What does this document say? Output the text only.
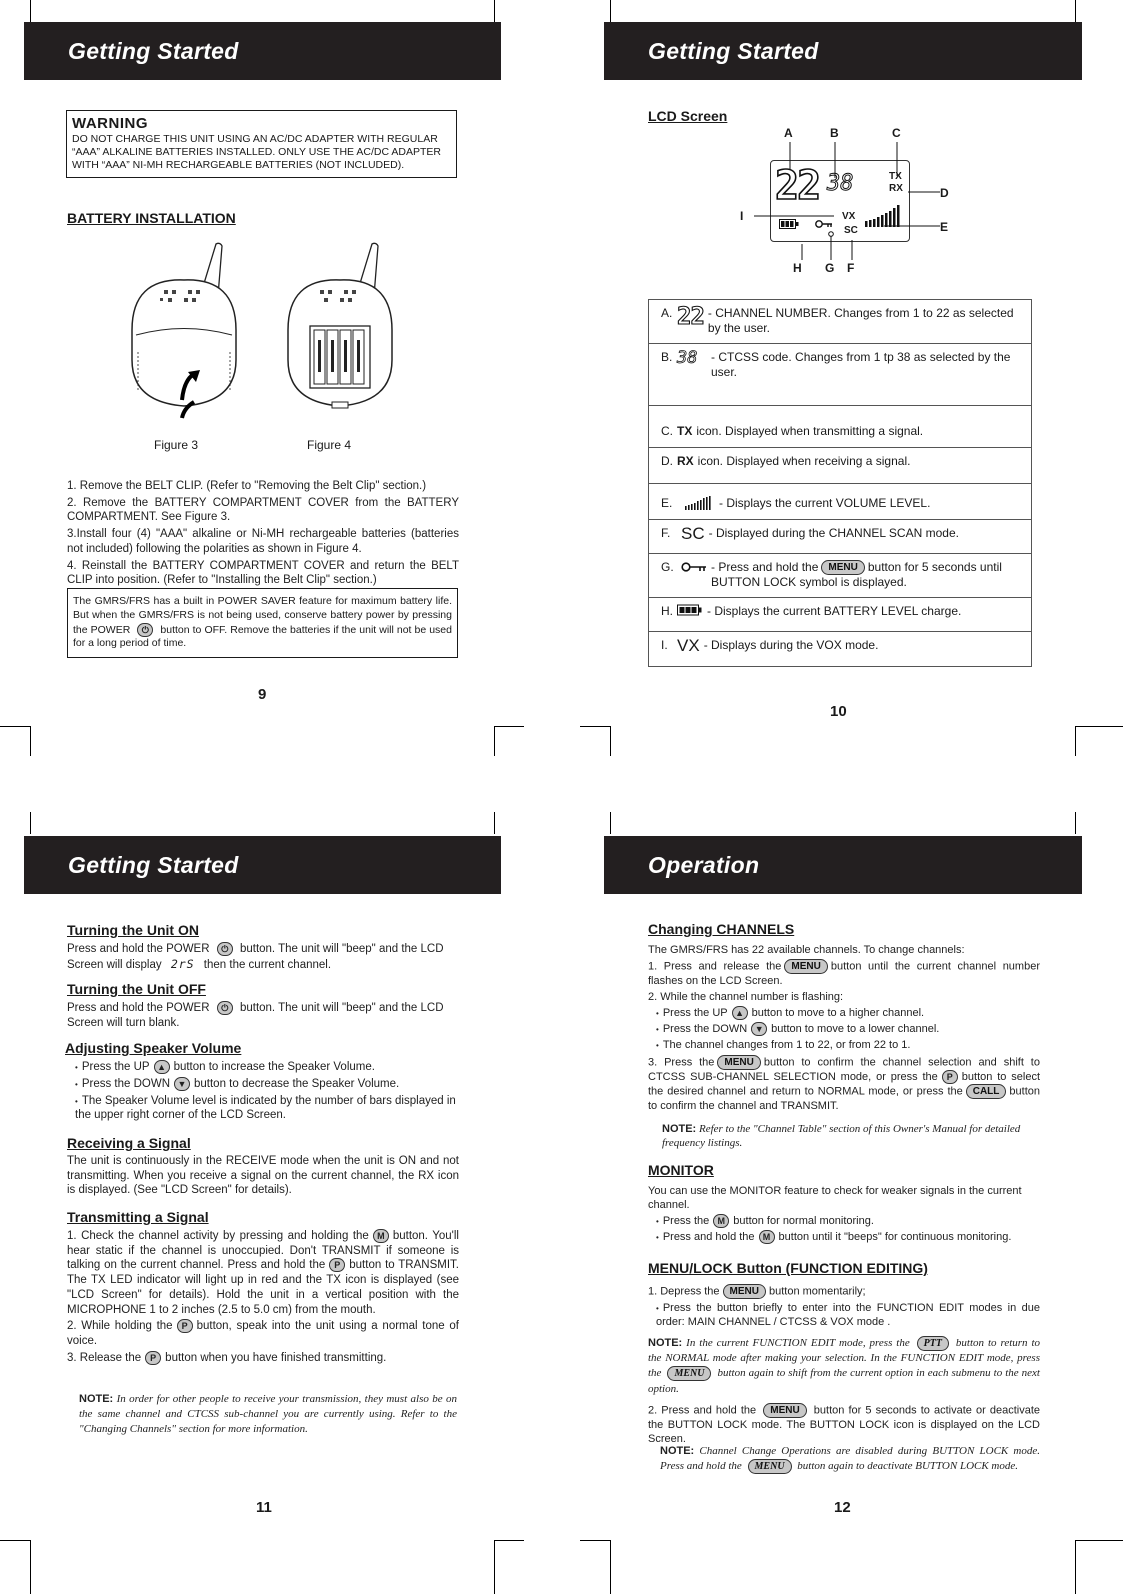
Getting Started
WARNING
DO NOT CHARGE THIS UNIT USING AN AC/DC ADAPTER WITH REGULAR “AAA” ALKALINE BATTERIES INSTALLED. ONLY USE THE AC/DC ADAPTER WITH “AAA” NI-MH RECHARGEABLE BATTERIES (NOT INCLUDED).
BATTERY INSTALLATION
Figure 3	Figure 4

1. Remove the BELT CLIP. (Refer to "Removing the Belt Clip" section.)

2. Remove the BATTERY COMPARTMENT COVER from the BATTERY COMPARTMENT. See Figure 3.

3.Install four (4) "AAA" alkaline or Ni-MH rechargeable batteries (batteries not included) following the polarities as shown in Figure 4.

4. Reinstall the BATTERY COMPARTMENT COVER and return the BELT CLIP into position. (Refer to "Installing the Belt Clip" section.)

The GMRS/FRS has a built in POWER SAVER feature for maximum battery life. But when the GMRS/FRS is not being used, conserve battery power by pressing the POWER ⏻ button to OFF. Remove the batteries if the unit will not be used for a long period of time.
9
Getting Started
LCD Screen
22 38	TX
RX
VX
SC
A	B	C
D
E
I
H G F
A. 22 - CHANNEL NUMBER. Changes from 1 to 22 as selected by the user.
B. 38	- CTCSS code. Changes from 1 tp 38 as selected by the user.
C. TX icon. Displayed when transmitting a signal.
D. RX icon. Displayed when receiving a signal.
E.	- Displays the current VOLUME LEVEL.
F. SC - Displayed during the CHANNEL SCAN mode.
G.	- Press and hold the MENU button for 5 seconds until BUTTON LOCK symbol is displayed.
H.	- Displays the current BATTERY LEVEL charge.
I. VX - Displays during the VOX mode.
10
Getting Started
Turning the Unit ON
Press and hold the POWER ⏻ button. The unit will "beep" and the LCD Screen will display 2rS then the current channel.
Turning the Unit OFF
Press and hold the POWER ⏻ button. The unit will "beep" and the LCD Screen will turn blank.
Adjusting Speaker Volume

• Press the UP ▲ button to increase the Speaker Volume.

• Press the DOWN ▼ button to decrease the Speaker Volume.

• The Speaker Volume level is indicated by the number of bars displayed in the upper right corner of the LCD Screen.

Receiving a Signal
The unit is continuously in the RECEIVE mode when the unit is ON and not transmitting. When you receive a signal on the current channel, the RX icon is displayed. (See "LCD Screen" for details).
Transmitting a Signal

1. Check the channel activity by pressing and holding the M button. You'll hear static if the channel is unoccupied. Don't TRANSMIT if someone is talking on the current channel. Press and hold the P button to TRANSMIT. The TX LED indicator will light up in red and the TX icon is displayed (see "LCD Screen" for details). Hold the unit in a vertical position with the MICROPHONE 1 to 2 inches (2.5 to 5.0 cm) from the mouth.

2. While holding the P button, speak into the unit using a normal tone of voice.

3. Release the P button when you have finished transmitting.

NOTE: In order for other people to receive your transmission, they must also be on the same channel and CTCSS sub-channel you are currently using. Refer to the "Changing Channels" section for more information.
11
Operation
Changing CHANNELS

The GMRS/FRS has 22 available channels. To change channels:

1. Press and release the MENU button until the current channel number flashes on the LCD Screen.

2. While the channel number is flashing:

• Press the UP ▲ button to move to a higher channel.

• Press the DOWN ▼ button to move to a lower channel.

• The channel changes from 1 to 22, or from 22 to 1.

3. Press the MENU button to confirm the channel selection and shift to CTCSS SUB-CHANNEL SELECTION mode, or press the P button to select the desired channel and return to NORMAL mode, or press the CALL button to confirm the channel and TRANSMIT.

NOTE: Refer to the "Channel Table" section of this Owner's Manual for detailed frequency listings.
MONITOR

You can use the MONITOR feature to check for weaker signals in the current channel.

• Press the M button for normal monitoring.

• Press and hold the M button until it "beeps" for continuous monitoring.

MENU/LOCK Button (FUNCTION EDITING)

1. Depress the MENU button momentarily;

• Press the button briefly to enter into the FUNCTION EDIT modes in due order: MAIN CHANNEL / CTCSS & VOX mode .

NOTE: In the current FUNCTION EDIT mode, press the PTT button to return to the NORMAL mode after making your selection. In the FUNCTION EDIT mode, press the MENU button again to shift from the current option in each submenu to the next option.
2. Press and hold the MENU button for 5 seconds to activate or deactivate the BUTTON LOCK mode. The BUTTON LOCK icon is displayed on the LCD Screen.
NOTE: Channel Change Operations are disabled during BUTTON LOCK mode. Press and hold the MENU button again to deactivate BUTTON LOCK mode.
12
